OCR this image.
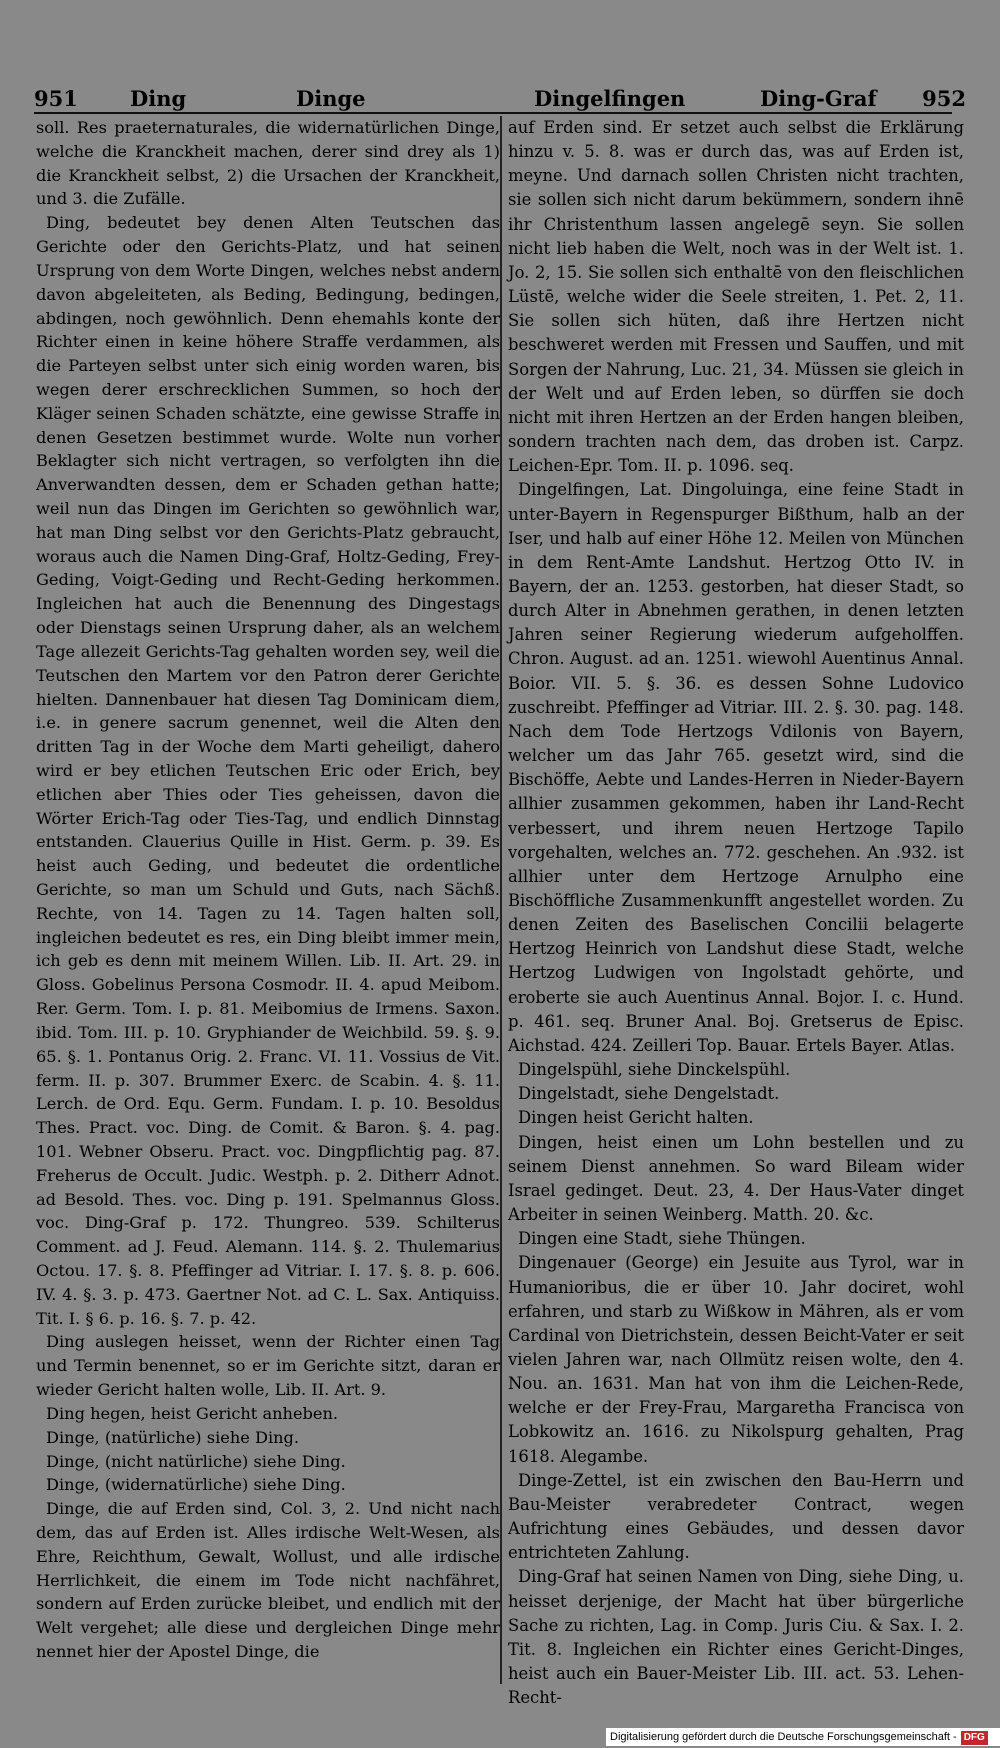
951 Ding	Dinge	Dingelfingen	Ding-Graf 952

soll. Res praeternaturales, die widernatürlichen Dinge, welche die Kranckheit machen, derer sind drey als 1) die Kranckheit selbst, 2) die Ursachen der Kranckheit, und 3. die Zufälle.

Ding, bedeutet bey denen Alten Teutschen das Gerichte oder den Gerichts-Platz, und hat seinen Ursprung von dem Worte Dingen, welches nebst andern davon abgeleiteten, als Beding, Bedingung, bedingen, abdingen, noch gewöhnlich. Denn ehemahls konte der Richter einen in keine höhere Straffe verdammen, als die Parteyen selbst unter sich einig worden waren, bis wegen derer erschrecklichen Summen, so hoch der Kläger seinen Schaden schätzte, eine gewisse Straffe in denen Gesetzen bestimmet wurde. Wolte nun vorher Beklagter sich nicht vertragen, so verfolgten ihn die Anverwandten dessen, dem er Schaden gethan hatte; weil nun das Dingen im Gerichten so gewöhnlich war, hat man Ding selbst vor den Gerichts-Platz gebraucht, woraus auch die Namen Ding-Graf, Holtz-Geding, Frey-Geding, Voigt-Geding und Recht-Geding herkommen. Ingleichen hat auch die Benennung des Dingestags oder Dienstags seinen Ursprung daher, als an welchem Tage allezeit Gerichts-Tag gehalten worden sey, weil die Teutschen den Martem vor den Patron derer Gerichte hielten. Dannenbauer hat diesen Tag Dominicam diem, i.e. in genere sacrum genennet, weil die Alten den dritten Tag in der Woche dem Marti geheiligt, dahero wird er bey etlichen Teutschen Eric oder Erich, bey etlichen aber Thies oder Ties geheissen, davon die Wörter Erich-Tag oder Ties-Tag, und endlich Dinnstag entstanden. Clauerius Quille in Hist. Germ. p. 39. Es heist auch Geding, und bedeutet die ordentliche Gerichte, so man um Schuld und Guts, nach Sächß. Rechte, von 14. Tagen zu 14. Tagen halten soll, ingleichen bedeutet es res, ein Ding bleibt immer mein, ich geb es denn mit meinem Willen. Lib. II. Art. 29. in Gloss. Gobelinus Persona Cosmodr. II. 4. apud Meibom. Rer. Germ. Tom. I. p. 81. Meibomius de Irmens. Saxon. ibid. Tom. III. p. 10. Gryphiander de Weichbild. 59. §. 9. 65. §. 1. Pontanus Orig. 2. Franc. VI. 11. Vossius de Vit. ferm. II. p. 307. Brummer Exerc. de Scabin. 4. §. 11. Lerch. de Ord. Equ. Germ. Fundam. I. p. 10. Besoldus Thes. Pract. voc. Ding. de Comit. & Baron. §. 4. pag. 101. Webner Obseru. Pract. voc. Dingpflichtig pag. 87. Freherus de Occult. Judic. Westph. p. 2. Ditherr Adnot. ad Besold. Thes. voc. Ding p. 191. Spelmannus Gloss. voc. Ding-Graf p. 172. Thungreo. 539. Schilterus Comment. ad J. Feud. Alemann. 114. §. 2. Thulemarius Octou. 17. §. 8. Pfeffinger ad Vitriar. I. 17. §. 8. p. 606. IV. 4. §. 3. p. 473. Gaertner Not. ad C. L. Sax. Antiquiss. Tit. I. § 6. p. 16. §. 7. p. 42.

Ding auslegen heisset, wenn der Richter einen Tag und Termin benennet, so er im Gerichte sitzt, daran er wieder Gericht halten wolle, Lib. II. Art. 9.

Ding hegen, heist Gericht anheben.

Dinge, (natürliche) siehe Ding.

Dinge, (nicht natürliche) siehe Ding.

Dinge, (widernatürliche) siehe Ding.

Dinge, die auf Erden sind, Col. 3, 2. Und nicht nach dem, das auf Erden ist. Alles irdische Welt-Wesen, als Ehre, Reichthum, Gewalt, Wollust, und alle irdische Herrlichkeit, die einem im Tode nicht nachfähret, sondern auf Erden zurücke bleibet, und endlich mit der Welt vergehet; alle diese und dergleichen Dinge mehr nennet hier der Apostel Dinge, die

auf Erden sind. Er setzet auch selbst die Erklärung hinzu v. 5. 8. was er durch das, was auf Erden ist, meyne. Und darnach sollen Christen nicht trachten, sie sollen sich nicht darum bekümmern, sondern ihnē ihr Christenthum lassen angelegē seyn. Sie sollen nicht lieb haben die Welt, noch was in der Welt ist. 1. Jo. 2, 15. Sie sollen sich enthaltē von den fleischlichen Lüstē, welche wider die Seele streiten, 1. Pet. 2, 11. Sie sollen sich hüten, daß ihre Hertzen nicht beschweret werden mit Fressen und Sauffen, und mit Sorgen der Nahrung, Luc. 21, 34. Müssen sie gleich in der Welt und auf Erden leben, so dürffen sie doch nicht mit ihren Hertzen an der Erden hangen bleiben, sondern trachten nach dem, das droben ist. Carpz. Leichen-Epr. Tom. II. p. 1096. seq.

Dingelfingen, Lat. Dingoluinga, eine feine Stadt in unter-Bayern in Regenspurger Bißthum, halb an der Iser, und halb auf einer Höhe 12. Meilen von München in dem Rent-Amte Landshut. Hertzog Otto IV. in Bayern, der an. 1253. gestorben, hat dieser Stadt, so durch Alter in Abnehmen gerathen, in denen letzten Jahren seiner Regierung wiederum aufgeholffen. Chron. August. ad an. 1251. wiewohl Auentinus Annal. Boior. VII. 5. §. 36. es dessen Sohne Ludovico zuschreibt. Pfeffinger ad Vitriar. III. 2. §. 30. pag. 148. Nach dem Tode Hertzogs Vdilonis von Bayern, welcher um das Jahr 765. gesetzt wird, sind die Bischöffe, Aebte und Landes-Herren in Nieder-Bayern allhier zusammen gekommen, haben ihr Land-Recht verbessert, und ihrem neuen Hertzoge Tapilo vorgehalten, welches an. 772. geschehen. An .932. ist allhier unter dem Hertzoge Arnulpho eine Bischöffliche Zusammenkunfft angestellet worden. Zu denen Zeiten des Baselischen Concilii belagerte Hertzog Heinrich von Landshut diese Stadt, welche Hertzog Ludwigen von Ingolstadt gehörte, und eroberte sie auch Auentinus Annal. Bojor. I. c. Hund. p. 461. seq. Bruner Anal. Boj. Gretserus de Episc. Aichstad. 424. Zeilleri Top. Bauar. Ertels Bayer. Atlas.

Dingelspühl, siehe Dinckelspühl.

Dingelstadt, siehe Dengelstadt.

Dingen heist Gericht halten.

Dingen, heist einen um Lohn bestellen und zu seinem Dienst annehmen. So ward Bileam wider Israel gedinget. Deut. 23, 4. Der Haus-Vater dinget Arbeiter in seinen Weinberg. Matth. 20. &c.

Dingen eine Stadt, siehe Thüngen.

Dingenauer (George) ein Jesuite aus Tyrol, war in Humanioribus, die er über 10. Jahr dociret, wohl erfahren, und starb zu Wißkow in Mähren, als er vom Cardinal von Dietrichstein, dessen Beicht-Vater er seit vielen Jahren war, nach Ollmütz reisen wolte, den 4. Nou. an. 1631. Man hat von ihm die Leichen-Rede, welche er der Frey-Frau, Margaretha Francisca von Lobkowitz an. 1616. zu Nikolspurg gehalten, Prag 1618. Alegambe.

Dinge-Zettel, ist ein zwischen den Bau-Herrn und Bau-Meister verabredeter Contract, wegen Aufrichtung eines Gebäudes, und dessen davor entrichteten Zahlung.

Ding-Graf hat seinen Namen von Ding, siehe Ding, u. heisset derjenige, der Macht hat über bürgerliche Sache zu richten, Lag. in Comp. Juris Ciu. & Sax. I. 2. Tit. 8. Ingleichen ein Richter eines Gericht-Dinges, heist auch ein Bauer-Meister Lib. III. act. 53. Lehen-Recht-

Digitalisierung gefördert durch die Deutsche Forschungsgemeinschaft - DFG
